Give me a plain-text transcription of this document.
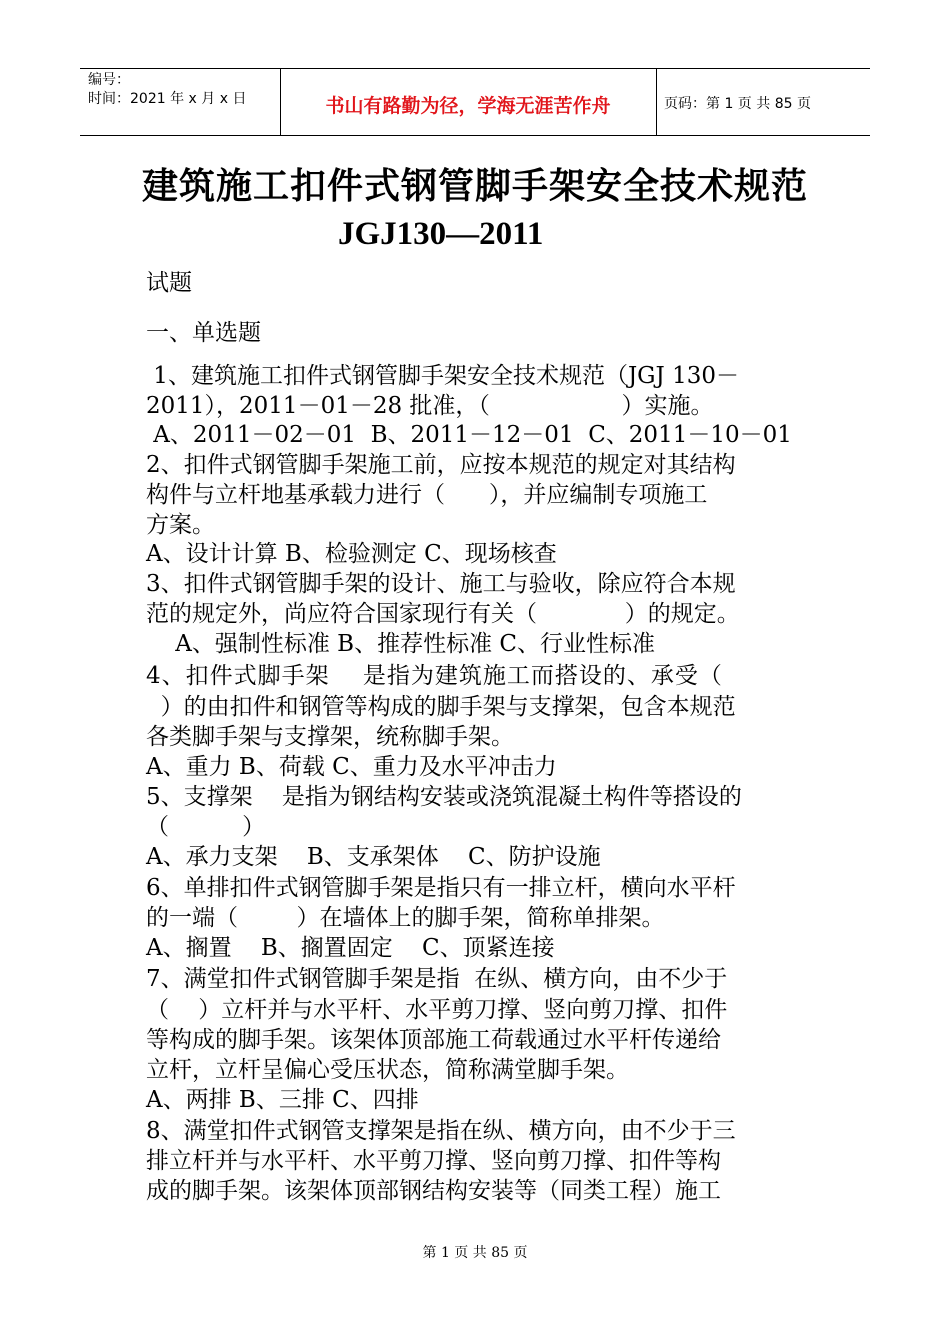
编号：
时间：2021 年 x 月 x 日	书山有路勤为径，学海无涯苦作舟	页码：第 1 页 共 85 页
建筑施工扣件式钢管脚手架安全技术规范
JGJ130—2011
试题
一、单选题
1、建筑施工扣件式钢管脚手架安全技术规范（JGJ 130－
2011），2011－01－28 批准，（                  ）实施。
A、2011－02－01  B、2011－12－01  C、2011－10－01
2、扣件式钢管脚手架施工前，应按本规范的规定对其结构
构件与立杆地基承载力进行（      ），并应编制专项施工
方案。
A、设计计算 B、检验测定 C、现场核查
3、扣件式钢管脚手架的设计、施工与验收，除应符合本规
范的规定外，尚应符合国家现行有关（            ）的规定。
A、强制性标准 B、推荐性标准 C、行业性标准
4、扣件式脚手架    是指为建筑施工而搭设的、承受（
）的由扣件和钢管等构成的脚手架与支撑架，包含本规范
各类脚手架与支撑架，统称脚手架。
A、重力 B、荷载 C、重力及水平冲击力
5、支撑架    是指为钢结构安装或浇筑混凝土构件等搭设的
（          ）
A、承力支架    B、支承架体    C、防护设施
6、单排扣件式钢管脚手架是指只有一排立杆，横向水平杆
的一端（        ）在墙体上的脚手架，简称单排架。
A、搁置    B、搁置固定    C、顶紧连接
7、满堂扣件式钢管脚手架是指  在纵、横方向，由不少于
（    ）立杆并与水平杆、水平剪刀撑、竖向剪刀撑、扣件
等构成的脚手架。该架体顶部施工荷载通过水平杆传递给
立杆，立杆呈偏心受压状态，简称满堂脚手架。
A、两排 B、三排 C、四排
8、满堂扣件式钢管支撑架是指在纵、横方向，由不少于三
排立杆并与水平杆、水平剪刀撑、竖向剪刀撑、扣件等构
成的脚手架。该架体顶部钢结构安装等（同类工程）施工
第 1 页 共 85 页
